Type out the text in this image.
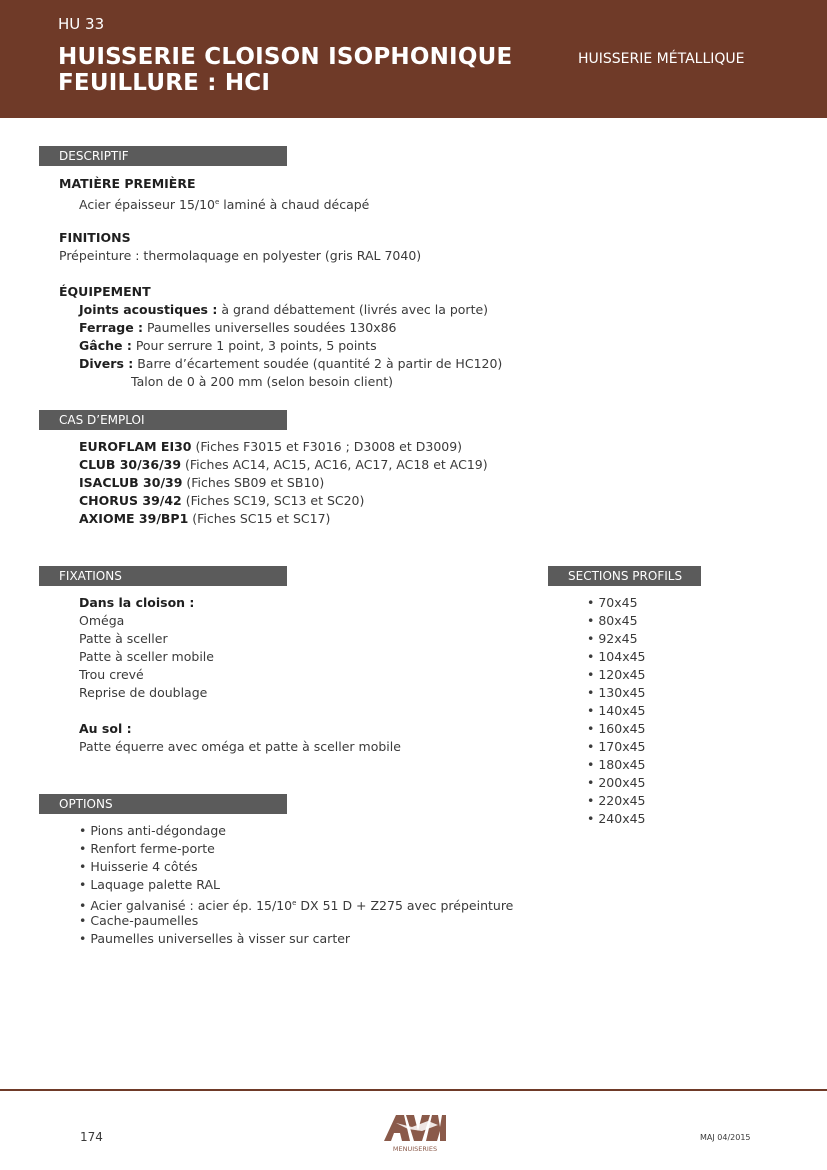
HU 33
HUISSERIE CLOISON ISOPHONIQUE
FEUILLURE : HCI
HUISSERIE MÉTALLIQUE
DESCRIPTIF
MATIÈRE PREMIÈRE
Acier épaisseur 15/10e laminé à chaud décapé
FINITIONS
Prépeinture : thermolaquage en polyester (gris RAL 7040)
ÉQUIPEMENT
Joints acoustiques : à grand débattement (livrés avec la porte)
Ferrage : Paumelles universelles soudées 130x86
Gâche : Pour serrure 1 point, 3 points, 5 points
Divers : Barre d’écartement soudée (quantité 2 à partir de HC120)
Talon de 0 à 200 mm (selon besoin client)
CAS D’EMPLOI
EUROFLAM EI30 (Fiches F3015 et F3016 ; D3008 et D3009)
CLUB 30/36/39 (Fiches AC14, AC15, AC16, AC17, AC18 et AC19)
ISACLUB 30/39 (Fiches SB09 et SB10)
CHORUS 39/42 (Fiches SC19, SC13 et SC20)
AXIOME 39/BP1 (Fiches SC15 et SC17)
FIXATIONS
Dans la cloison :
Oméga
Patte à sceller
Patte à sceller mobile
Trou crevé
Reprise de doublage
Au sol :
Patte équerre avec oméga et patte à sceller mobile
SECTIONS PROFILS
• 70x45
• 80x45
• 92x45
• 104x45
• 120x45
• 130x45
• 140x45
• 160x45
• 170x45
• 180x45
• 200x45
• 220x45
• 240x45
OPTIONS
• Pions anti-dégondage
• Renfort ferme-porte
• Huisserie 4 côtés
• Laquage palette RAL
• Acier galvanisé : acier ép. 15/10e DX 51 D + Z275 avec prépeinture
• Cache-paumelles
• Paumelles universelles à visser sur carter
174
MENUISERIES
MAJ 04/2015
